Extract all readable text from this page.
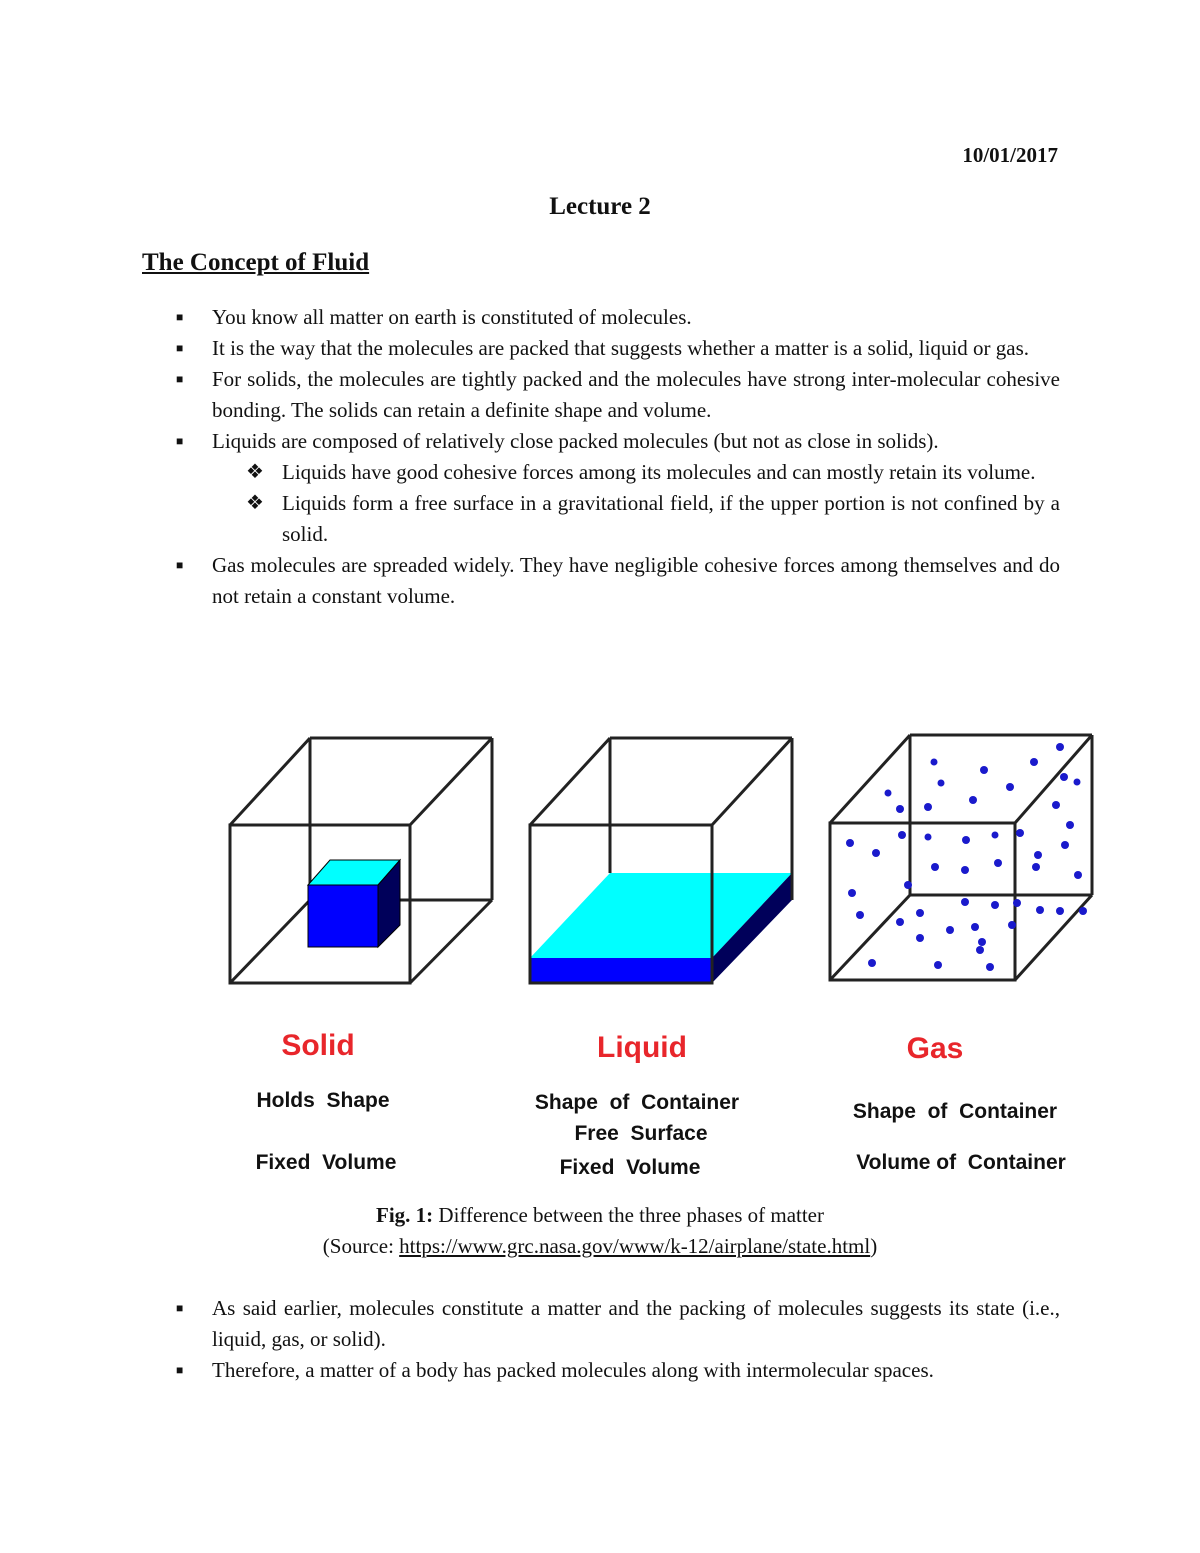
10/01/2017
Lecture 2
The Concept of Fluid
■ You know all matter on earth is constituted of molecules.
■ It is the way that the molecules are packed that suggests whether a matter is a solid, liquid or gas.
■ For solids, the molecules are tightly packed and the molecules have strong inter-molecular cohesive bonding. The solids can retain a definite shape and volume.
■ Liquids are composed of relatively close packed molecules (but not as close in solids).
❖ Liquids have good cohesive forces among its molecules and can mostly retain its volume.
❖ Liquids form a free surface in a gravitational field, if the upper portion is not confined by a solid.
■ Gas molecules are spreaded widely. They have negligible cohesive forces among themselves and do not retain a constant volume.
Solid
Holds  Shape
Fixed  Volume
Liquid
Shape  of  Container
Free  Surface
Fixed  Volume
Gas
Shape  of  Container
Volume of  Container
Fig. 1: Difference between the three phases of matter
(Source: https://www.grc.nasa.gov/www/k-12/airplane/state.html)
■ As said earlier, molecules constitute a matter and the packing of molecules suggests its state (i.e., liquid, gas, or solid).
■ Therefore, a matter of a body has packed molecules along with intermolecular spaces.
